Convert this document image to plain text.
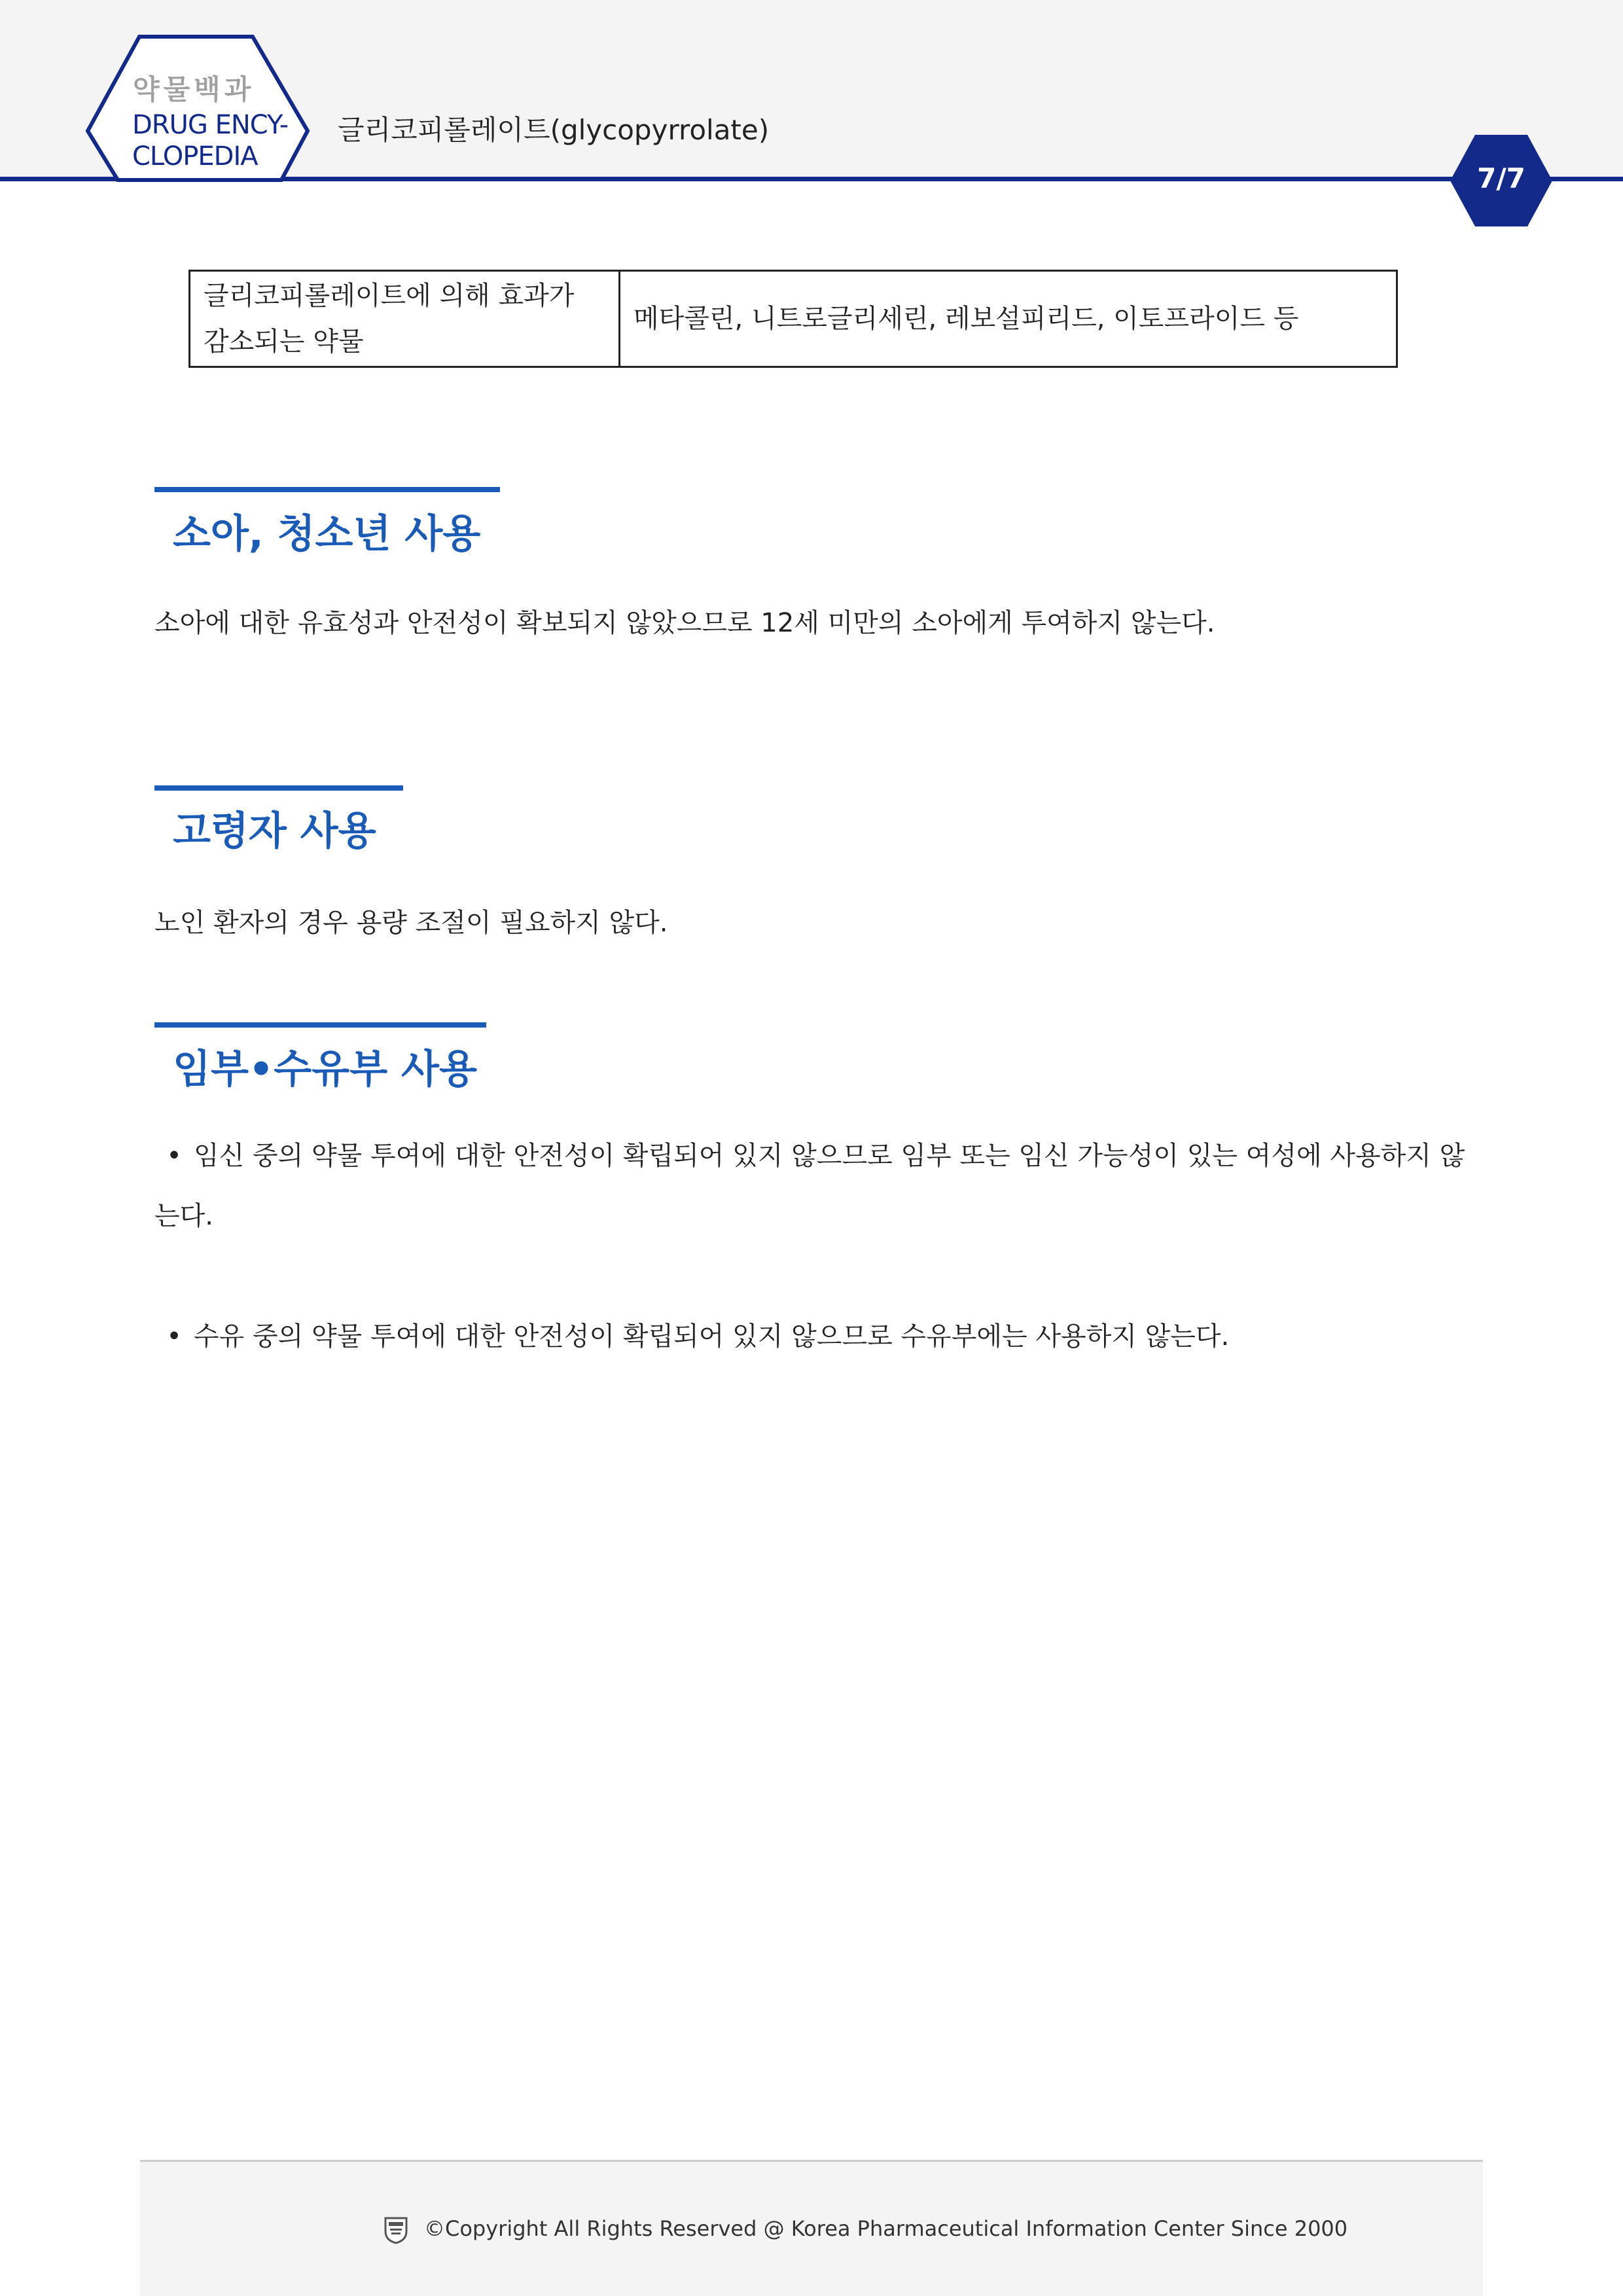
약물백과
DRUG ENCY-
CLOPEDIA
글리코피롤레이트(glycopyrrolate)
7/7
글리코피롤레이트에 의해 효과가 감소되는 약물	메타콜린, 니트로글리세린, 레보설피리드, 이토프라이드 등
소아, 청소년 사용
소아에 대한 유효성과 안전성이 확보되지 않았으므로 12세 미만의 소아에게 투여하지 않는다.
고령자 사용
노인 환자의 경우 용량 조절이 필요하지 않다.
임부•수유부 사용
• 임신 중의 약물 투여에 대한 안전성이 확립되어 있지 않으므로 임부 또는 임신 가능성이 있는 여성에 사용하지 않는다.
• 수유 중의 약물 투여에 대한 안전성이 확립되어 있지 않으므로 수유부에는 사용하지 않는다.
©Copyright All Rights Reserved @ Korea Pharmaceutical Information Center Since 2000
